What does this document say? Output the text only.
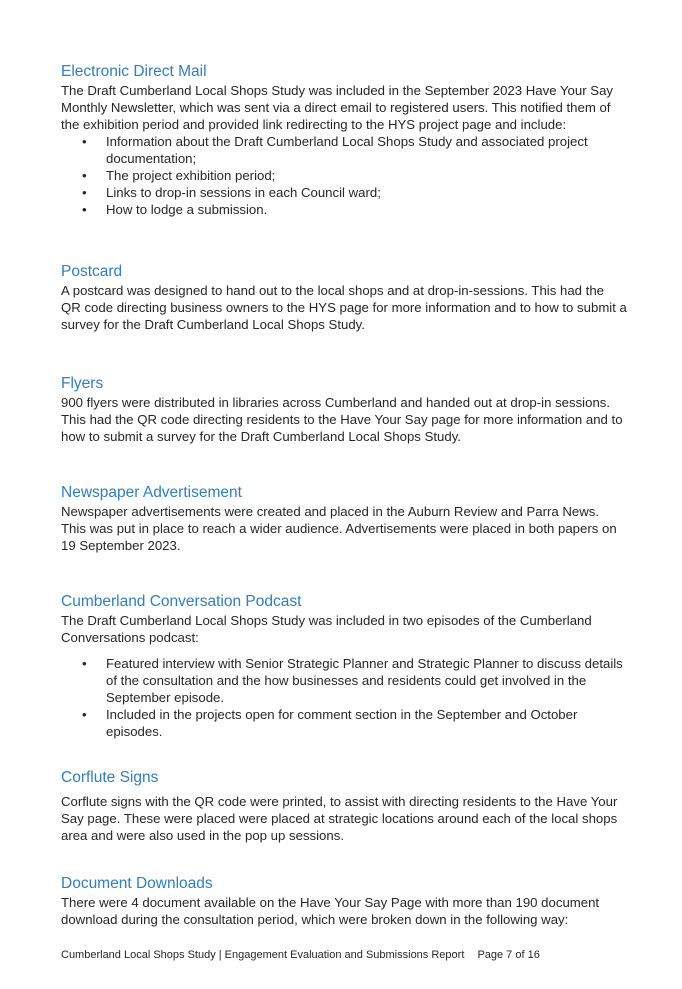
Electronic Direct Mail

The Draft Cumberland Local Shops Study was included in the September 2023 Have Your Say Monthly Newsletter, which was sent via a direct email to registered users. This notified them of the exhibition period and provided link redirecting to the HYS project page and include:

• Information about the Draft Cumberland Local Shops Study and associated project documentation;
• The project exhibition period;
• Links to drop-in sessions in each Council ward;
• How to lodge a submission.
Postcard

A postcard was designed to hand out to the local shops and at drop-in-sessions. This had the QR code directing business owners to the HYS page for more information and to how to submit a survey for the Draft Cumberland Local Shops Study.

Flyers

900 flyers were distributed in libraries across Cumberland and handed out at drop-in sessions. This had the QR code directing residents to the Have Your Say page for more information and to how to submit a survey for the Draft Cumberland Local Shops Study.

Newspaper Advertisement

Newspaper advertisements were created and placed in the Auburn Review and Parra News. This was put in place to reach a wider audience. Advertisements were placed in both papers on 19 September 2023.

Cumberland Conversation Podcast

The Draft Cumberland Local Shops Study was included in two episodes of the Cumberland Conversations podcast:

• Featured interview with Senior Strategic Planner and Strategic Planner to discuss details of the consultation and the how businesses and residents could get involved in the September episode.
• Included in the projects open for comment section in the September and October episodes.
Corflute Signs

Corflute signs with the QR code were printed, to assist with directing residents to the Have Your Say page. These were placed were placed at strategic locations around each of the local shops area and were also used in the pop up sessions.

Document Downloads

There were 4 document available on the Have Your Say Page with more than 190 document download during the consultation period, which were broken down in the following way:

Cumberland Local Shops Study | Engagement Evaluation and Submissions Report Page 7 of 16
